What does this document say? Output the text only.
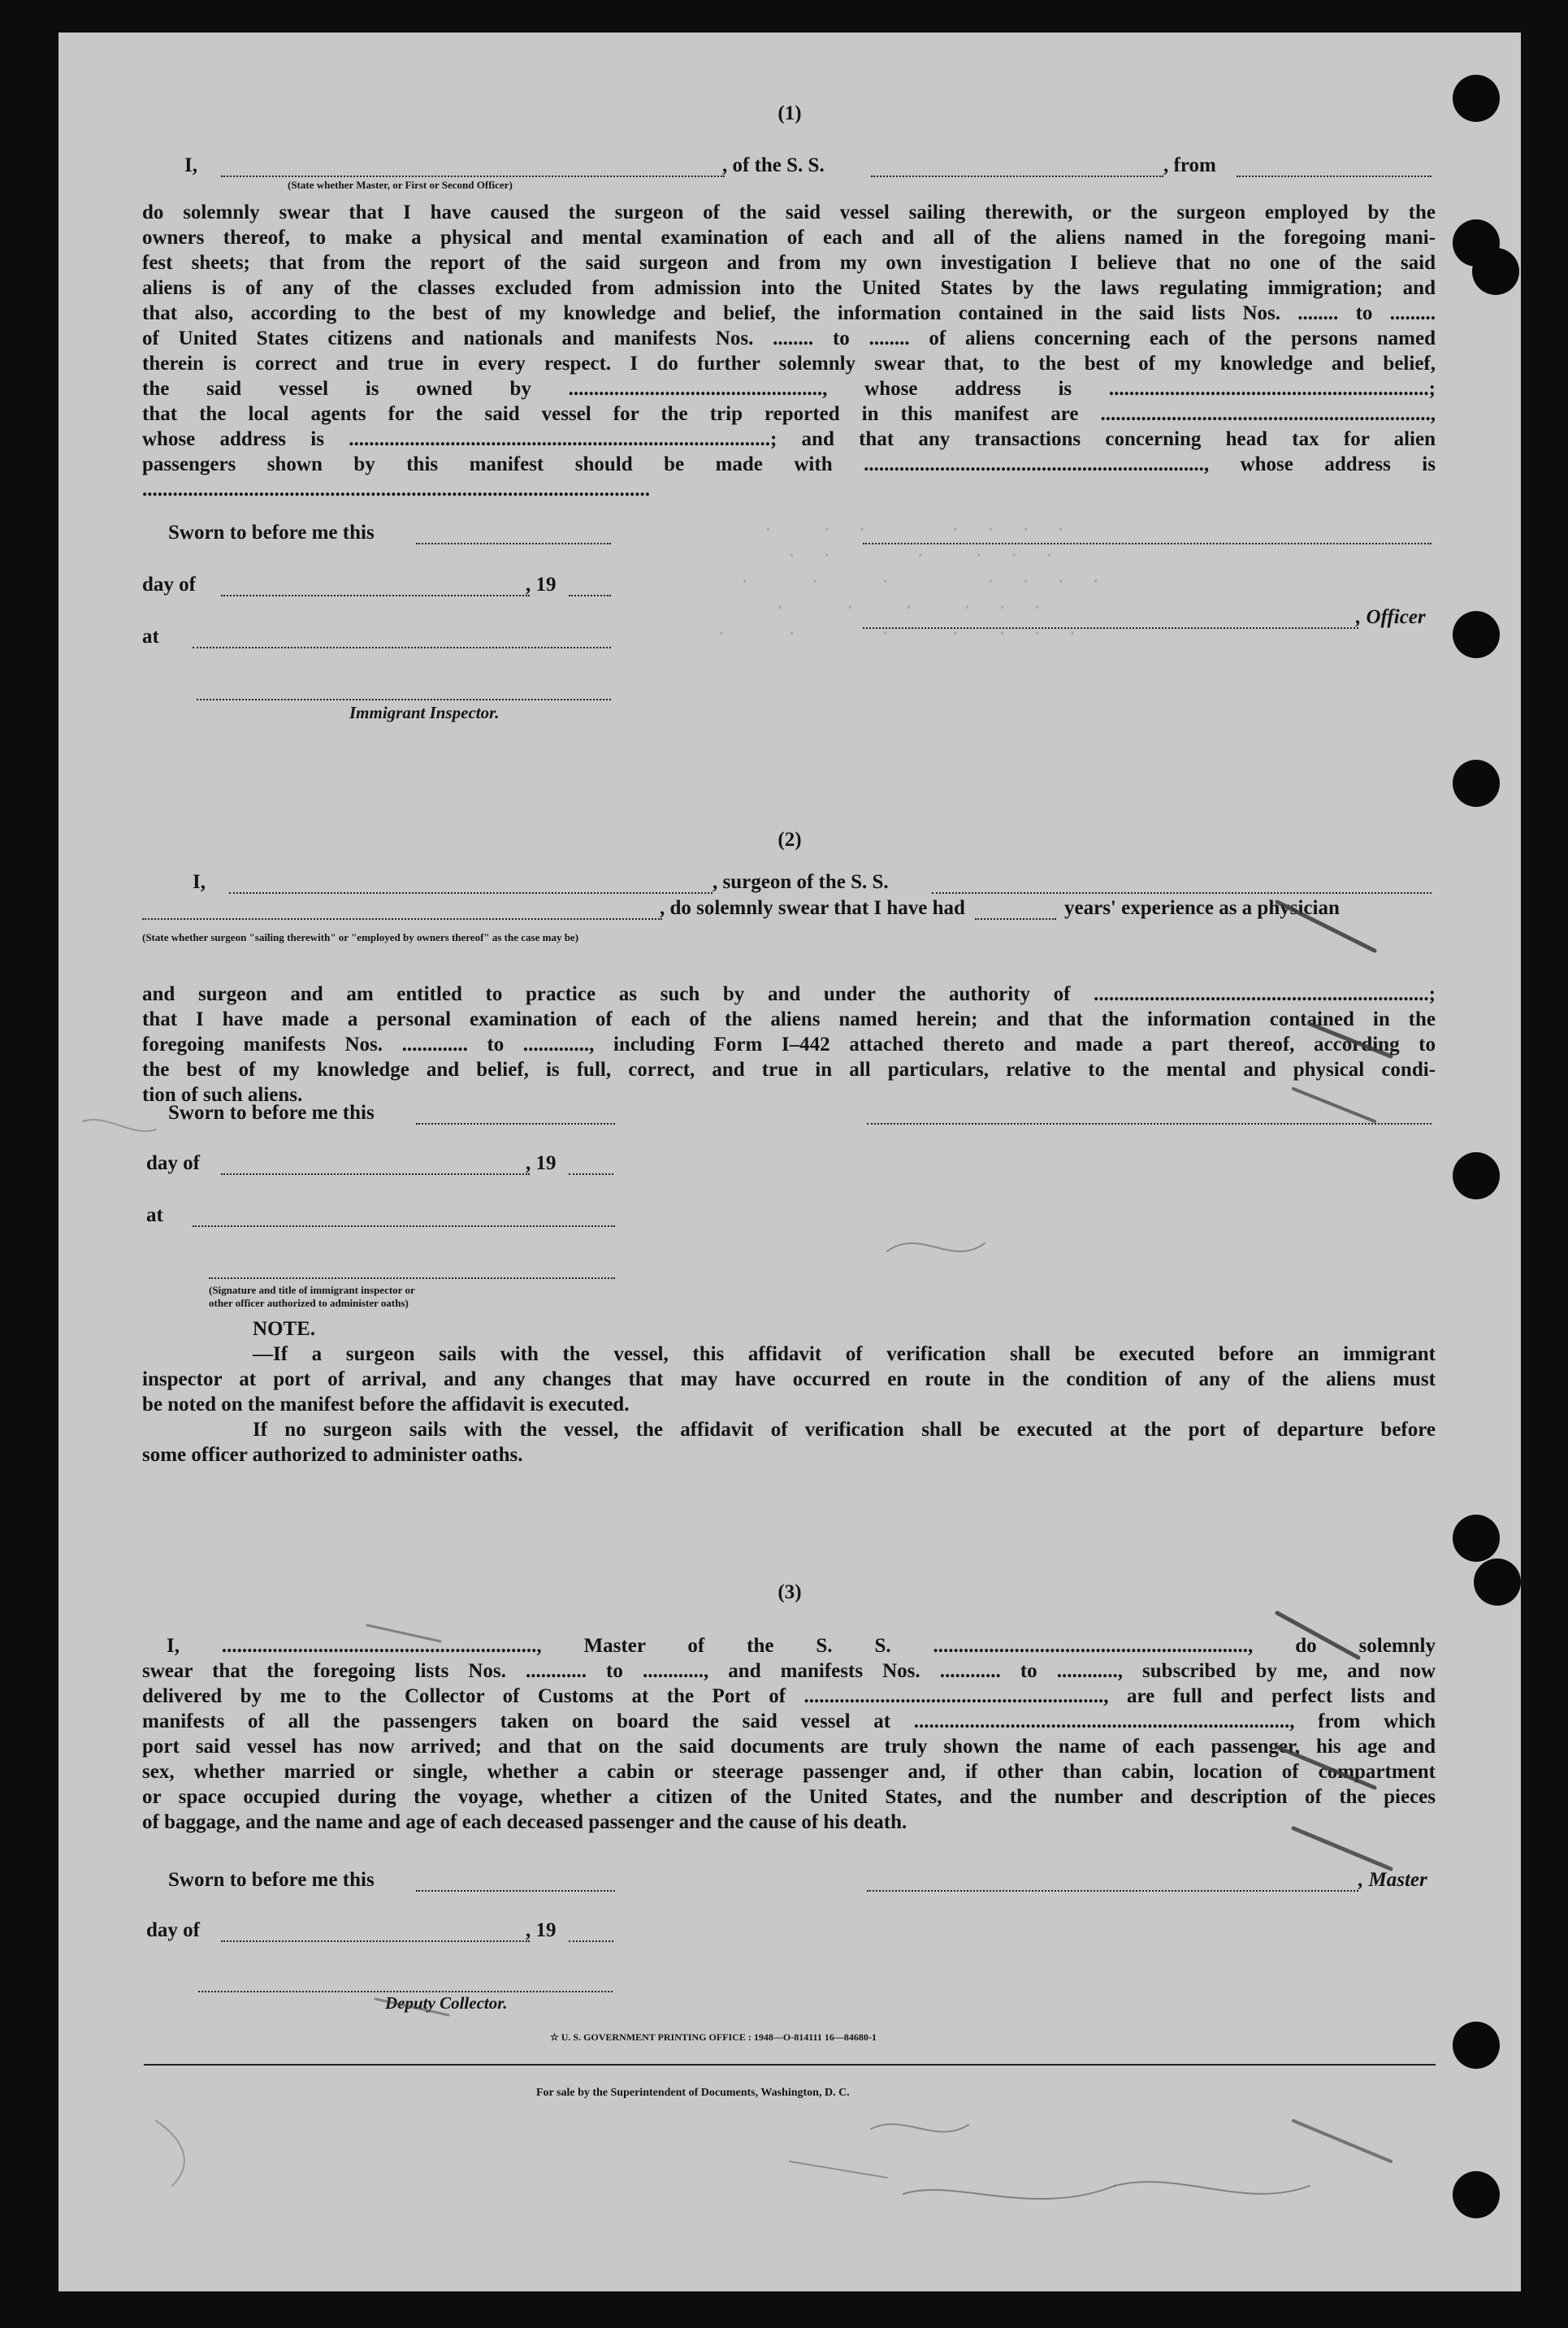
.    .  .       .  .  .  .
.  .       .    .  .  .
.     .     .        .  .  .  .
.     .    .    .  .  .
.     .       .     .   .  .  .

(1)
I,	, of the S. S.	, from
(State whether Master, or First or Second Officer)
do solemnly swear that I have caused the surgeon of the said vessel sailing therewith, or the surgeon employed by the
owners thereof, to make a physical and mental examination of each and all of the aliens named in the foregoing mani-
fest sheets; that from the report of the said surgeon and from my own investigation I believe that no one of the said
aliens is of any of the classes excluded from admission into the United States by the laws regulating immigration; and
that also, according to the best of my knowledge and belief, the information contained in the said lists Nos. ........ to .........
of United States citizens and nationals and manifests Nos. ........ to ........ of aliens concerning each of the persons named
therein is correct and true in every respect. I do further solemnly swear that, to the best of my knowledge and belief,
the said vessel is owned by .................................................., whose address is ...............................................................;
that the local agents for the said vessel for the trip reported in this manifest are .................................................................,
whose address is ...................................................................................; and that any transactions concerning head tax for alien
passengers shown by this manifest should be made with ..................................................................., whose address is
....................................................................................................
Sworn to before me this
day of	, 19
, Officer
at
Immigrant Inspector.
(2)
I,	, surgeon of the S. S.
, do solemnly swear that I have had	years' experience as a physician
(State whether surgeon "sailing therewith" or "employed by owners thereof" as the case may be)
and surgeon and am entitled to practice as such by and under the authority of ..................................................................;
that I have made a personal examination of each of the aliens named herein; and that the information contained in the
foregoing manifests Nos. ............. to ............., including Form I–442 attached thereto and made a part thereof, according to
the best of my knowledge and belief, is full, correct, and true in all particulars, relative to the mental and physical condi-
tion of such aliens.
Sworn to before me this
day of	, 19
at
(Signature and title of immigrant inspector or
other officer authorized to administer oaths)
NOTE.
—If a surgeon sails with the vessel, this affidavit of verification shall be executed before an immigrant
inspector at port of arrival, and any changes that may have occurred en route in the condition of any of the aliens must
be noted on the manifest before the affidavit is executed.
If no surgeon sails with the vessel, the affidavit of verification shall be executed at the port of departure before
some officer authorized to administer oaths.
(3)
I, .............................................................., Master of the S. S. .............................................................., do solemnly
swear that the foregoing lists Nos. ............ to ............, and manifests Nos. ............ to ............, subscribed by me, and now
delivered by me to the Collector of Customs at the Port of ..........................................................., are full and perfect lists and
manifests of all the passengers taken on board the said vessel at .........................................................................., from which
port said vessel has now arrived; and that on the said documents are truly shown the name of each passenger, his age and
sex, whether married or single, whether a cabin or steerage passenger and, if other than cabin, location of compartment
or space occupied during the voyage, whether a citizen of the United States, and the number and description of the pieces
of baggage, and the name and age of each deceased passenger and the cause of his death.
Sworn to before me this	, Master
day of	, 19
Deputy Collector.
☆ U. S. GOVERNMENT PRINTING OFFICE : 1948—O-814111 16—84680-1
For sale by the Superintendent of Documents, Washington, D. C.
